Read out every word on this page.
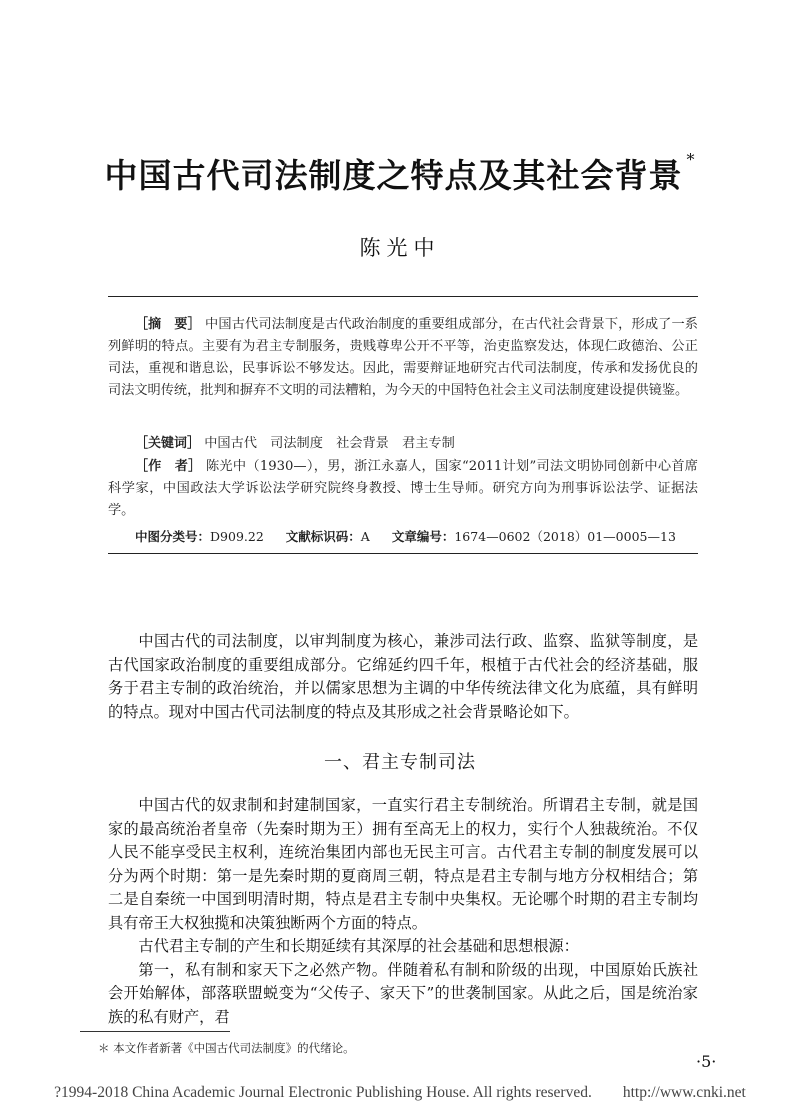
中国古代司法制度之特点及其社会背景 *
陈光中
［摘　要］ 中国古代司法制度是古代政治制度的重要组成部分，在古代社会背景下，形成了一系列鲜明的特点。主要有为君主专制服务，贵贱尊卑公开不平等，治吏监察发达，体现仁政德治、公正司法，重视和谐息讼，民事诉讼不够发达。因此，需要辩证地研究古代司法制度，传承和发扬优良的司法文明传统，批判和摒弃不文明的司法糟粕，为今天的中国特色社会主义司法制度建设提供镜鉴。
［关键词］ 中国古代　司法制度　社会背景　君主专制
［作　者］ 陈光中（1930—），男，浙江永嘉人，国家“2011计划”司法文明协同创新中心首席科学家，中国政法大学诉讼法学研究院终身教授、博士生导师。研究方向为刑事诉讼法学、证据法学。
中图分类号：D909.22 文献标识码：A 文章编号：1674—0602（2018）01—0005—13

中国古代的司法制度，以审判制度为核心，兼涉司法行政、监察、监狱等制度，是古代国家政治制度的重要组成部分。它绵延约四千年，根植于古代社会的经济基础，服务于君主专制的政治统治，并以儒家思想为主调的中华传统法律文化为底蕴，具有鲜明的特点。现对中国古代司法制度的特点及其形成之社会背景略论如下。

一、君主专制司法

中国古代的奴隶制和封建制国家，一直实行君主专制统治。所谓君主专制，就是国家的最高统治者皇帝（先秦时期为王）拥有至高无上的权力，实行个人独裁统治。不仅人民不能享受民主权利，连统治集团内部也无民主可言。古代君主专制的制度发展可以分为两个时期：第一是先秦时期的夏商周三朝，特点是君主专制与地方分权相结合；第二是自秦统一中国到明清时期，特点是君主专制中央集权。无论哪个时期的君主专制均具有帝王大权独揽和决策独断两个方面的特点。

古代君主专制的产生和长期延续有其深厚的社会基础和思想根源：

第一，私有制和家天下之必然产物。伴随着私有制和阶级的出现，中国原始氏族社会开始解体，部落联盟蜕变为“父传子、家天下”的世袭制国家。从此之后，国是统治家族的私有财产，君

＊ 本文作者新著《中国古代司法制度》的代绪论。
·5·
?1994-2018 China Academic Journal Electronic Publishing House. All rights reserved.　　http://www.cnki.net
